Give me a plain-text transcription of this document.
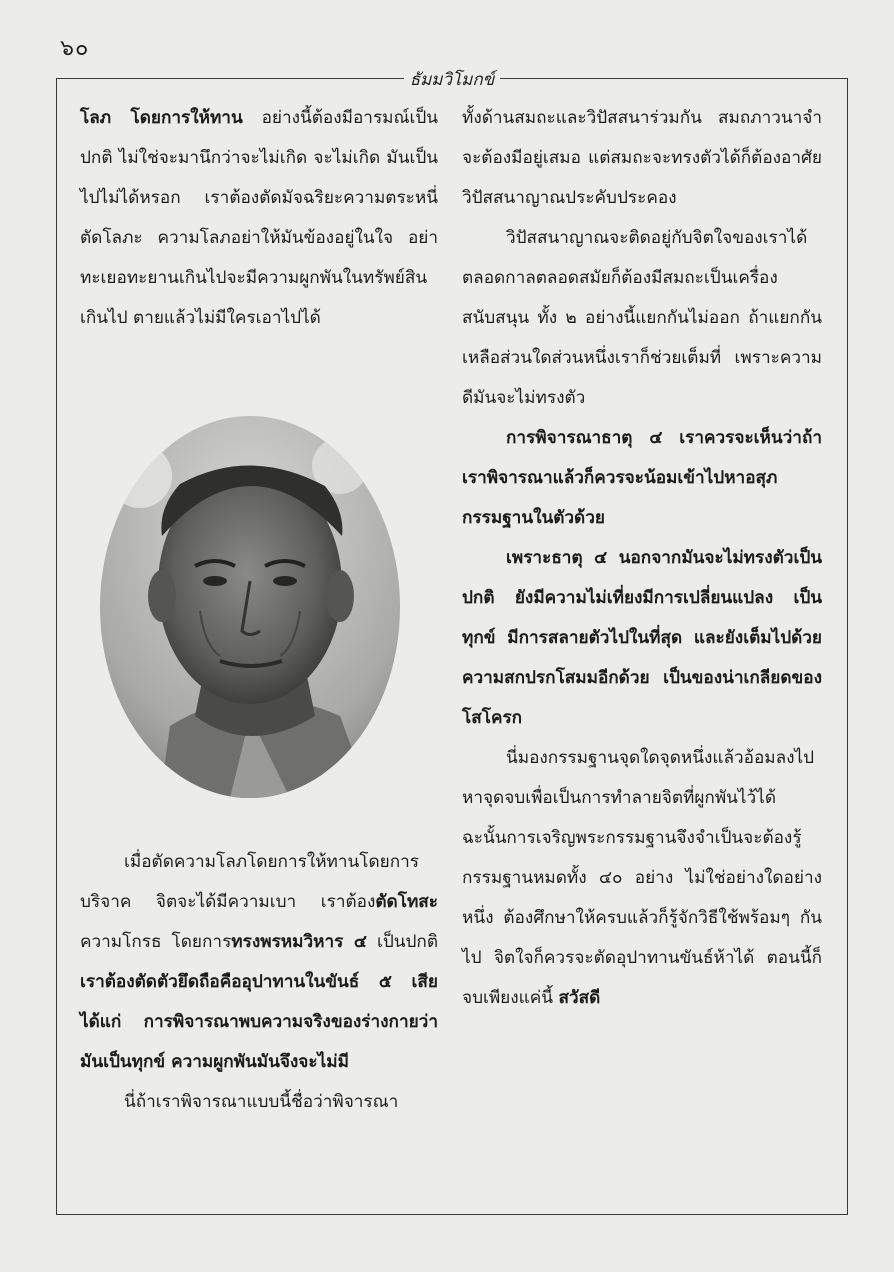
๖๐
ธัมมวิโมกข์

โลภ โดยการให้ทาน อย่างนี้ต้องมีอารมณ์เป็นปกติ ไม่ใช่จะมานึกว่าจะไม่เกิด จะไม่เกิด มันเป็นไปไม่ได้หรอก เราต้องตัดมัจฉริยะความตระหนี่ ตัดโลภะ ความโลภอย่าให้มันข้องอยู่ในใจ อย่าทะเยอทะยานเกินไปจะมีความผูกพันในทรัพย์สินเกินไป ตายแล้วไม่มีใครเอาไปได้

เมื่อตัดความโลภโดยการให้ทานโดยการบริจาค จิตจะได้มีความเบา เราต้องตัดโทสะ ความโกรธ โดยการทรงพรหมวิหาร ๔ เป็นปกติ เราต้องตัดตัวยึดถือคืออุปาทานในขันธ์ ๕ เสีย ได้แก่ การพิจารณาพบความจริงของร่างกายว่ามันเป็นทุกข์ ความผูกพันมันจึงจะไม่มี

นี่ถ้าเราพิจารณาแบบนี้ชื่อว่าพิจารณา

ทั้งด้านสมถะและวิปัสสนาร่วมกัน สมถภาวนาจำจะต้องมีอยู่เสมอ แต่สมถะจะทรงตัวได้ก็ต้องอาศัยวิปัสสนาญาณประคับประคอง

วิปัสสนาญาณจะติดอยู่กับจิตใจของเราได้ตลอดกาลตลอดสมัยก็ต้องมีสมถะเป็นเครื่องสนับสนุน ทั้ง ๒ อย่างนี้แยกกันไม่ออก ถ้าแยกกันเหลือส่วนใดส่วนหนึ่งเราก็ช่วยเต็มที่ เพราะความดีมันจะไม่ทรงตัว

การพิจารณาธาตุ ๔ เราควรจะเห็นว่าถ้าเราพิจารณาแล้วก็ควรจะน้อมเข้าไปหาอสุภกรรมฐานในตัวด้วย

เพราะธาตุ ๔ นอกจากมันจะไม่ทรงตัวเป็นปกติ ยังมีความไม่เที่ยงมีการเปลี่ยนแปลง เป็นทุกข์ มีการสลายตัวไปในที่สุด และยังเต็มไปด้วยความสกปรกโสมมอีกด้วย เป็นของน่าเกลียดของโสโครก

นี่มองกรรมฐานจุดใดจุดหนึ่งแล้วอ้อมลงไปหาจุดจบเพื่อเป็นการทำลายจิตที่ผูกพันไว้ได้ ฉะนั้นการเจริญพระกรรมฐานจึงจำเป็นจะต้องรู้กรรมฐานหมดทั้ง ๔๐ อย่าง ไม่ใช่อย่างใดอย่างหนึ่ง ต้องศึกษาให้ครบแล้วก็รู้จักวิธีใช้พร้อมๆ กันไป จิตใจก็ควรจะตัดอุปาทานขันธ์ห้าได้ ตอนนี้ก็จบเพียงแค่นี้ สวัสดี
